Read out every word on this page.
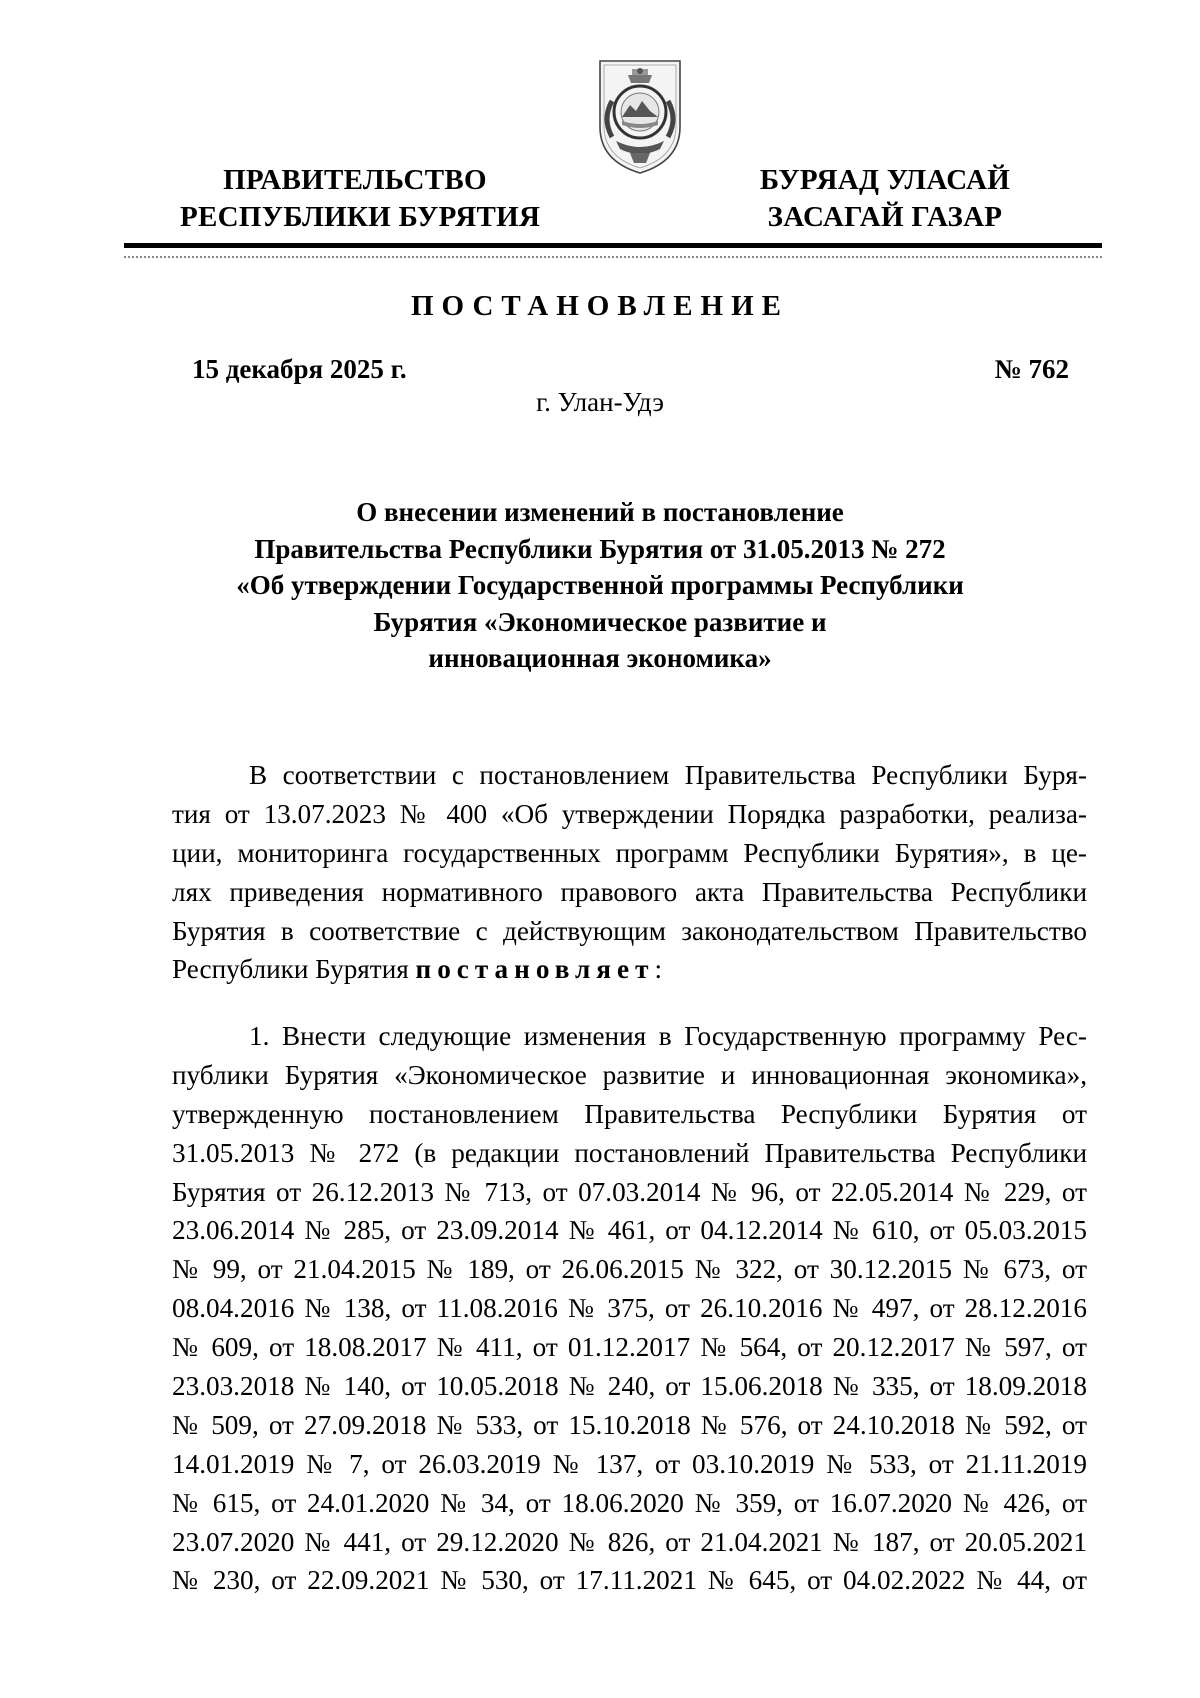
ПРАВИТЕЛЬСТВО
РЕСПУБЛИКИ БУРЯТИЯ
БУРЯАД УЛАСАЙ
ЗАСАГАЙ ГАЗАР
ПОСТАНОВЛЕНИЕ
15 декабря 2025 г.	№ 762
г. Улан-Удэ
О внесении изменений в постановление
Правительства Республики Бурятия от 31.05.2013 № 272
«Об утверждении Государственной программы Республики
Бурятия «Экономическое развитие и
инновационная экономика»
В соответствии с постановлением Правительства Республики Буря-
тия от 13.07.2023 № 400 «Об утверждении Порядка разработки, реализа-
ции, мониторинга государственных программ Республики Бурятия», в це-
лях приведения нормативного правового акта Правительства Республики
Бурятия в соответствие с действующим законодательством Правительство
Республики Бурятия постановляет:
1. Внести следующие изменения в Государственную программу Рес-
публики Бурятия «Экономическое развитие и инновационная экономика»,
утвержденную постановлением Правительства Республики Бурятия от
31.05.2013 № 272 (в редакции постановлений Правительства Республики
Бурятия от 26.12.2013 № 713, от 07.03.2014 № 96, от 22.05.2014 № 229, от
23.06.2014 № 285, от 23.09.2014 № 461, от 04.12.2014 № 610, от 05.03.2015
№ 99, от 21.04.2015 № 189, от 26.06.2015 № 322, от 30.12.2015 № 673, от
08.04.2016 № 138, от 11.08.2016 № 375, от 26.10.2016 № 497, от 28.12.2016
№ 609, от 18.08.2017 № 411, от 01.12.2017 № 564, от 20.12.2017 № 597, от
23.03.2018 № 140, от 10.05.2018 № 240, от 15.06.2018 № 335, от 18.09.2018
№ 509, от 27.09.2018 № 533, от 15.10.2018 № 576, от 24.10.2018 № 592, от
14.01.2019 № 7, от 26.03.2019 № 137, от 03.10.2019 № 533, от 21.11.2019
№ 615, от 24.01.2020 № 34, от 18.06.2020 № 359, от 16.07.2020 № 426, от
23.07.2020 № 441, от 29.12.2020 № 826, от 21.04.2021 № 187, от 20.05.2021
№ 230, от 22.09.2021 № 530, от 17.11.2021 № 645, от 04.02.2022 № 44, от
